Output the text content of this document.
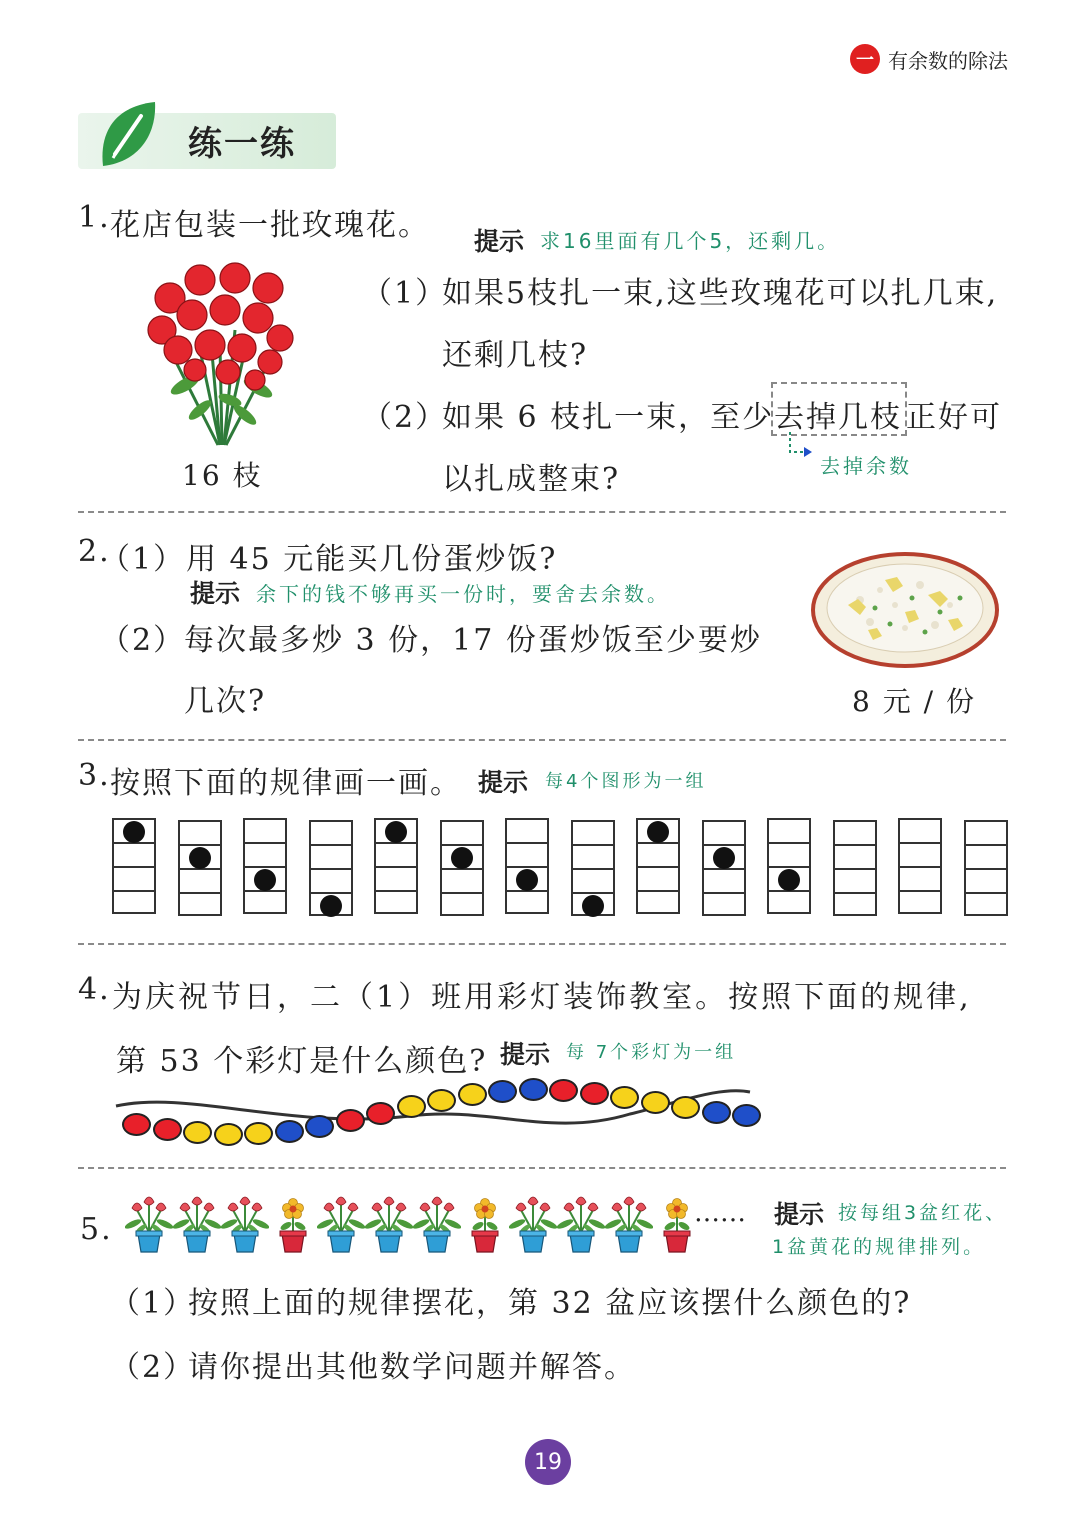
一 有余数的除法
练一练
1. 花店包装一批玫瑰花。 提示 求16里面有几个5，还剩几。
16 枝
（1）
如果5枝扎一束,这些玫瑰花可以扎几束,
还剩几枝?
（2）
如果 6 枝扎一束，至少 去掉几枝 正好可
以扎成整束?	去掉余数
2.
（1） 用 45 元能买几份蛋炒饭?
提示 余下的钱不够再买一份时，要舍去余数。
（2）
每次最多炒 3 份，17 份蛋炒饭至少要炒
几次?	8 元 / 份
3. 按照下面的规律画一画。 提示 每4个图形为一组
4. 为庆祝节日，二（1）班用彩灯装饰教室。按照下面的规律,
第 53 个彩灯是什么颜色? 提示 每 7个彩灯为一组
5.	…… 提示 按每组3盆红花、
1盆黄花的规律排列。
（1）
按照上面的规律摆花，第 32 盆应该摆什么颜色的?
（2）
请你提出其他数学问题并解答。
19
